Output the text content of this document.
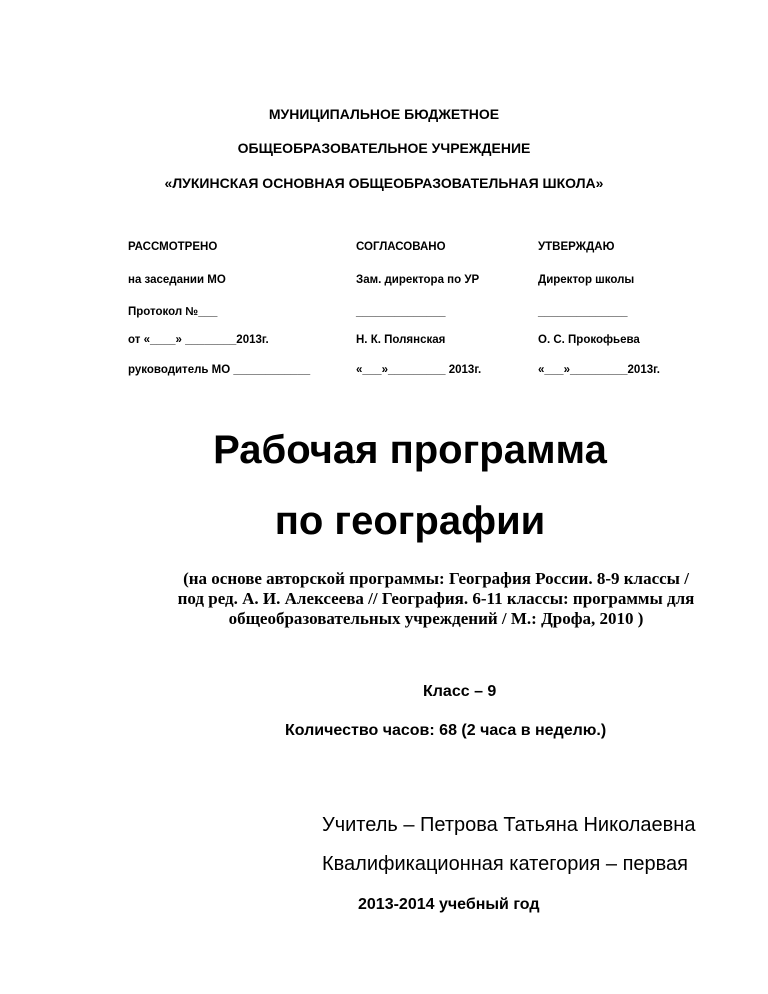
МУНИЦИПАЛЬНОЕ БЮДЖЕТНОЕ
ОБЩЕОБРАЗОВАТЕЛЬНОЕ УЧРЕЖДЕНИЕ
«ЛУКИНСКАЯ ОСНОВНАЯ ОБЩЕОБРАЗОВАТЕЛЬНАЯ ШКОЛА»
РАССМОТРЕНО
на заседании МО
Протокол №___
от «____» ________2013г.
руководитель МО ____________
СОГЛАСОВАНО
Зам. директора по УР
______________
Н. К. Полянская
«___»_________ 2013г.
УТВЕРЖДАЮ
Директор школы
______________
О. С. Прокофьева
«___»_________2013г.
Рабочая программа
по географии
(на основе авторской программы: География России. 8-9 классы /
под ред. А. И. Алексеева // География. 6-11 классы: программы для
общеобразовательных учреждений / М.: Дрофа, 2010 )
Класс – 9
Количество часов: 68 (2 часа в неделю.)
Учитель – Петрова Татьяна Николаевна
Квалификационная категория – первая
2013-2014 учебный год
